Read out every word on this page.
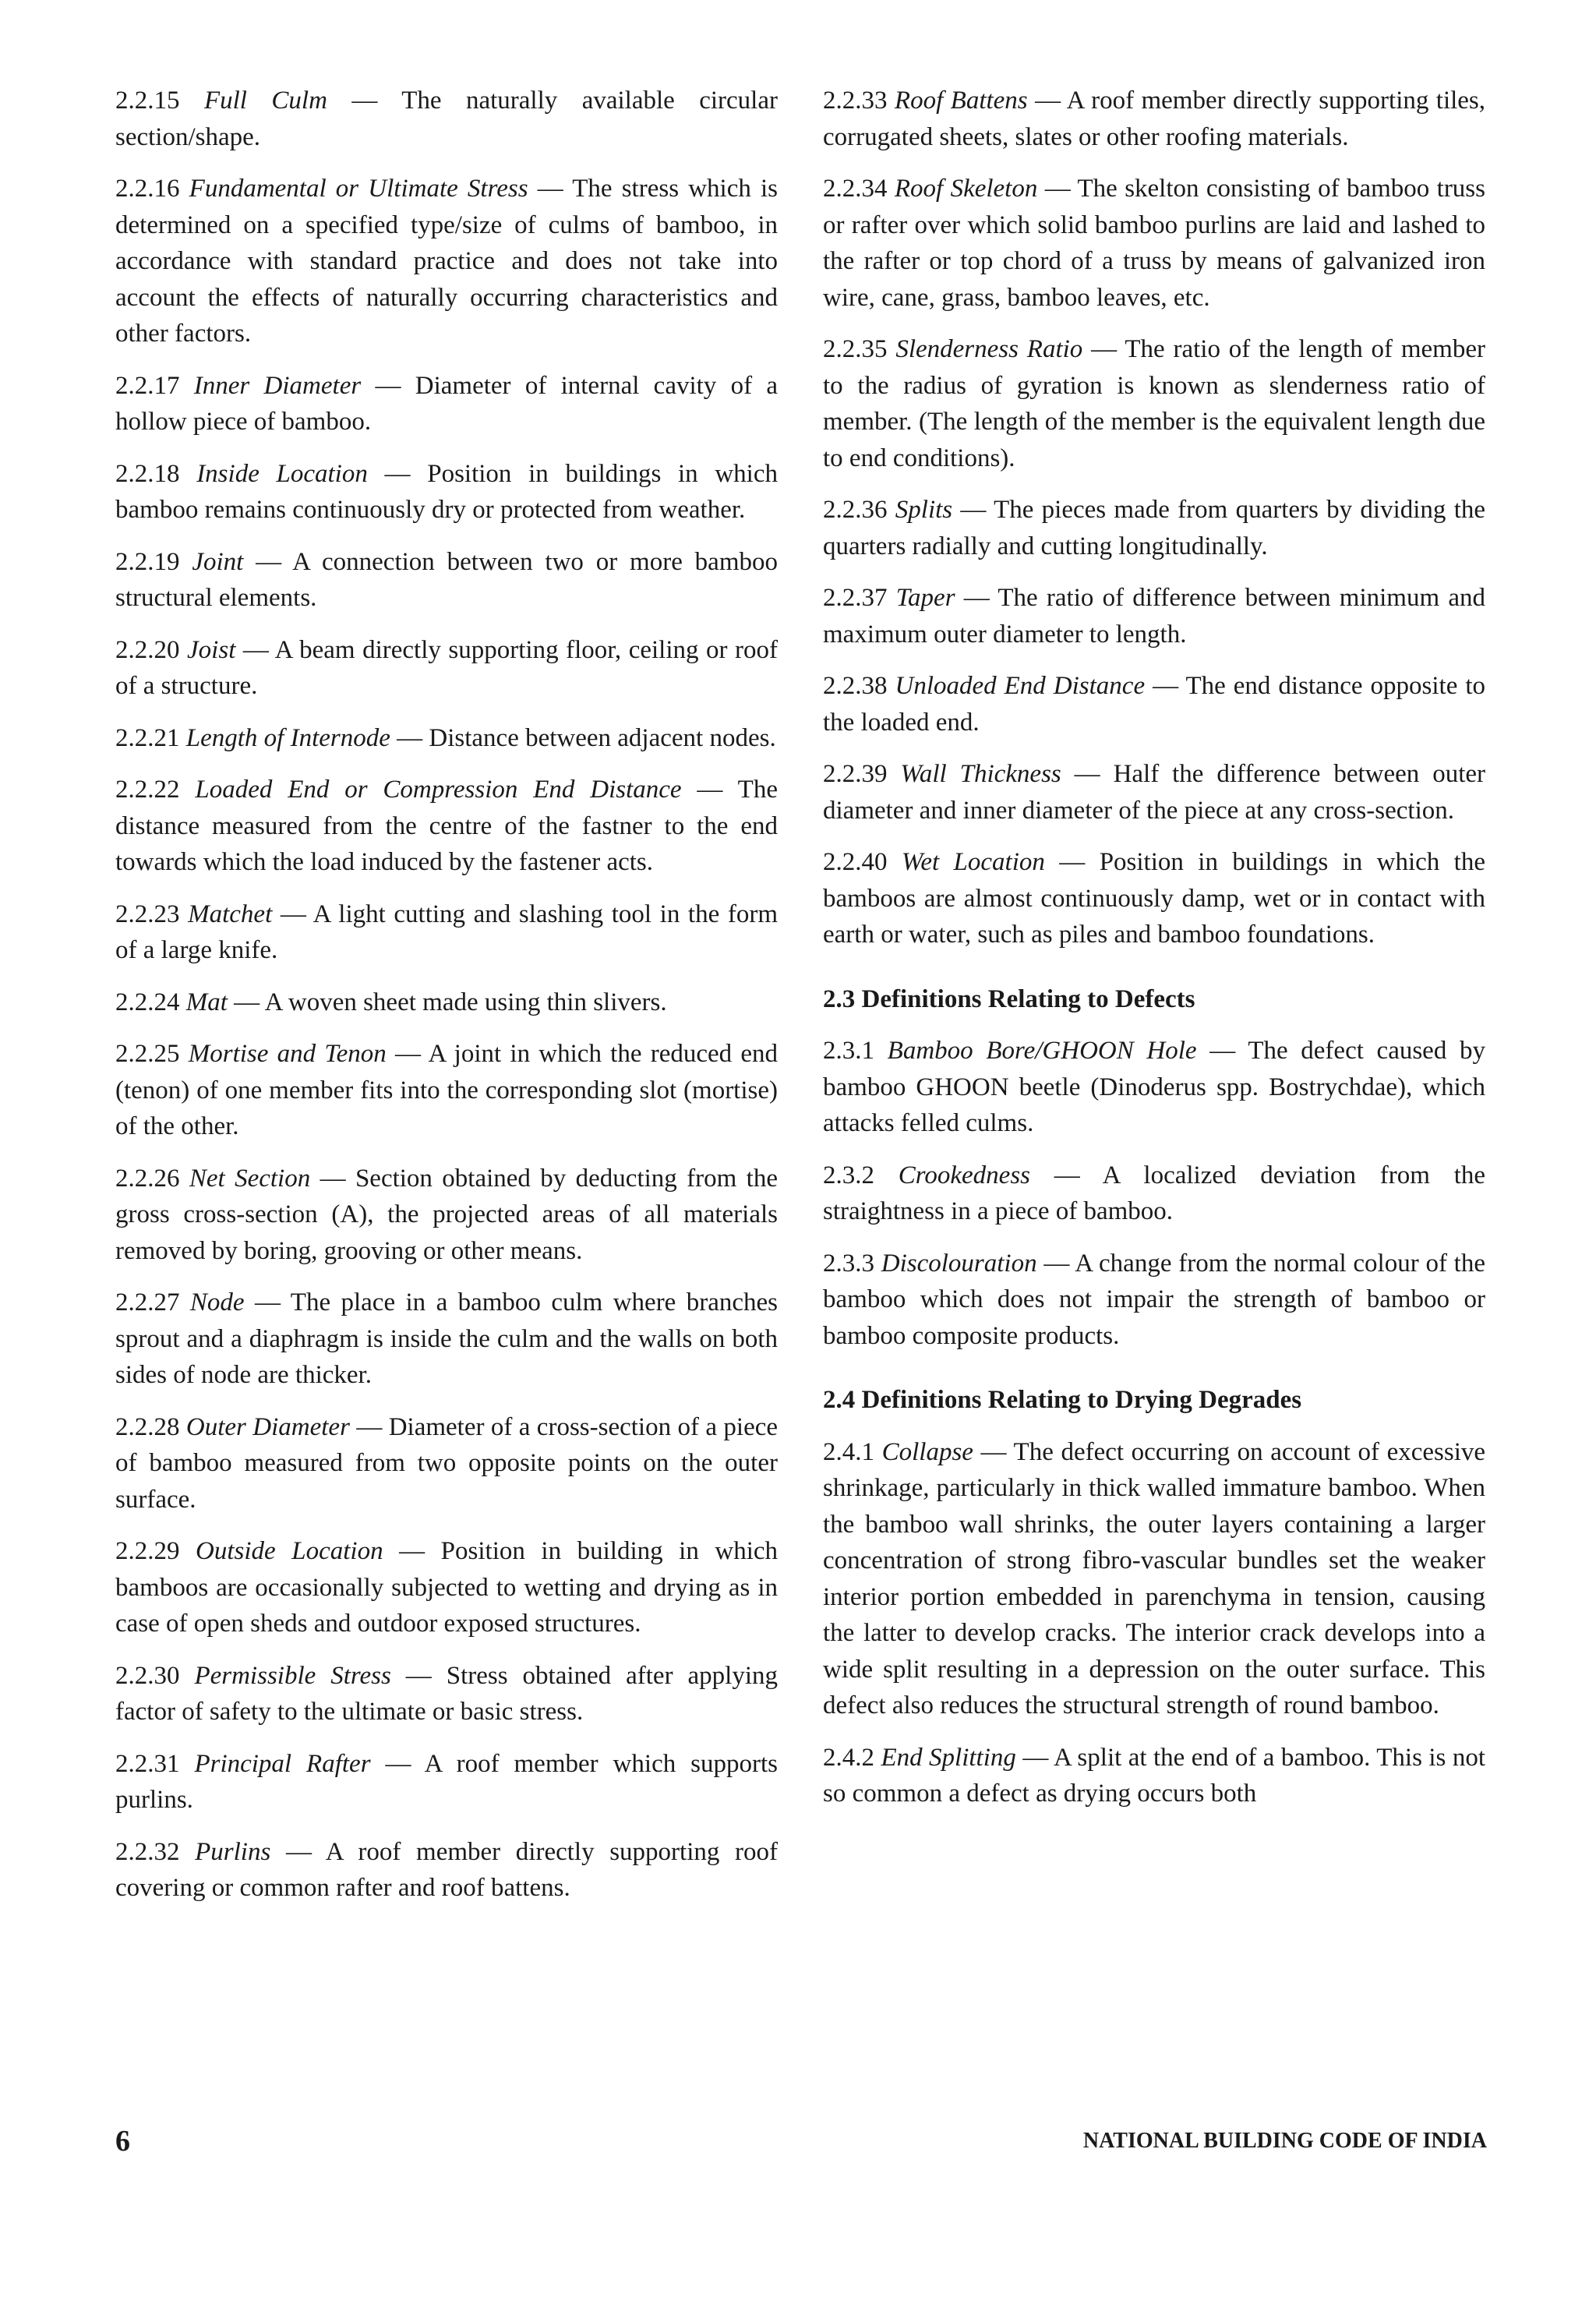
2.2.15 Full Culm — The naturally available circular section/shape.

2.2.16 Fundamental or Ultimate Stress — The stress which is determined on a specified type/size of culms of bamboo, in accordance with standard practice and does not take into account the effects of naturally occurring characteristics and other factors.

2.2.17 Inner Diameter — Diameter of internal cavity of a hollow piece of bamboo.

2.2.18 Inside Location — Position in buildings in which bamboo remains continuously dry or protected from weather.

2.2.19 Joint — A connection between two or more bamboo structural elements.

2.2.20 Joist — A beam directly supporting floor, ceiling or roof of a structure.

2.2.21 Length of Internode — Distance between adjacent nodes.

2.2.22 Loaded End or Compression End Distance — The distance measured from the centre of the fastner to the end towards which the load induced by the fastener acts.

2.2.23 Matchet — A light cutting and slashing tool in the form of a large knife.

2.2.24 Mat — A woven sheet made using thin slivers.

2.2.25 Mortise and Tenon — A joint in which the reduced end (tenon) of one member fits into the corresponding slot (mortise) of the other.

2.2.26 Net Section — Section obtained by deducting from the gross cross-section (A), the projected areas of all materials removed by boring, grooving or other means.

2.2.27 Node — The place in a bamboo culm where branches sprout and a diaphragm is inside the culm and the walls on both sides of node are thicker.

2.2.28 Outer Diameter — Diameter of a cross-section of a piece of bamboo measured from two opposite points on the outer surface.

2.2.29 Outside Location — Position in building in which bamboos are occasionally subjected to wetting and drying as in case of open sheds and outdoor exposed structures.

2.2.30 Permissible Stress — Stress obtained after applying factor of safety to the ultimate or basic stress.

2.2.31 Principal Rafter — A roof member which supports purlins.

2.2.32 Purlins — A roof member directly supporting roof covering or common rafter and roof battens.

2.2.33 Roof Battens — A roof member directly supporting tiles, corrugated sheets, slates or other roofing materials.

2.2.34 Roof Skeleton — The skelton consisting of bamboo truss or rafter over which solid bamboo purlins are laid and lashed to the rafter or top chord of a truss by means of galvanized iron wire, cane, grass, bamboo leaves, etc.

2.2.35 Slenderness Ratio — The ratio of the length of member to the radius of gyration is known as slenderness ratio of member. (The length of the member is the equivalent length due to end conditions).

2.2.36 Splits — The pieces made from quarters by dividing the quarters radially and cutting longitudinally.

2.2.37 Taper — The ratio of difference between minimum and maximum outer diameter to length.

2.2.38 Unloaded End Distance — The end distance opposite to the loaded end.

2.2.39 Wall Thickness — Half the difference between outer diameter and inner diameter of the piece at any cross-section.

2.2.40 Wet Location — Position in buildings in which the bamboos are almost continuously damp, wet or in contact with earth or water, such as piles and bamboo foundations.

2.3 Definitions Relating to Defects

2.3.1 Bamboo Bore/GHOON Hole — The defect caused by bamboo GHOON beetle (Dinoderus spp. Bostrychdae), which attacks felled culms.

2.3.2 Crookedness — A localized deviation from the straightness in a piece of bamboo.

2.3.3 Discolouration — A change from the normal colour of the bamboo which does not impair the strength of bamboo or bamboo composite products.

2.4 Definitions Relating to Drying Degrades

2.4.1 Collapse — The defect occurring on account of excessive shrinkage, particularly in thick walled immature bamboo. When the bamboo wall shrinks, the outer layers containing a larger concentration of strong fibro-vascular bundles set the weaker interior portion embedded in parenchyma in tension, causing the latter to develop cracks. The interior crack develops into a wide split resulting in a depression on the outer surface. This defect also reduces the structural strength of round bamboo.

2.4.2 End Splitting — A split at the end of a bamboo. This is not so common a defect as drying occurs both

6	NATIONAL BUILDING CODE OF INDIA
